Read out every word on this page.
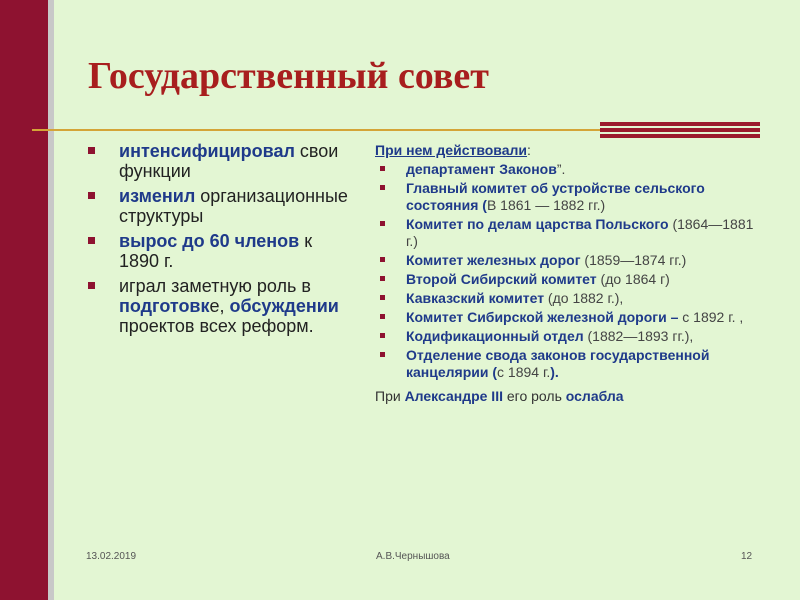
Государственный совет
интенсифицировал свои функции
изменил организационные структуры
вырос до 60 членов к 1890 г.
играл заметную роль в подготовке, обсуждении проектов всех реформ.
При нем действовали:
департамент Законов”.
Главный комитет об устройстве сельского состояния (В 1861 — 1882 гг.)
Комитет по делам царства Польского (1864—1881 г.)
Комитет железных дорог (1859—1874 гг.)
Второй Сибирский комитет (до 1864 г)
Кавказский комитет (до 1882 г.),
Комитет Сибирской железной дороги – с 1892 г. ,
Кодификационный отдел (1882—1893 гг.),
Отделение свода законов государственной канцелярии (с 1894 г.).
При Александре III его роль ослабла
13.02.2019	А.В.Чернышова	12
